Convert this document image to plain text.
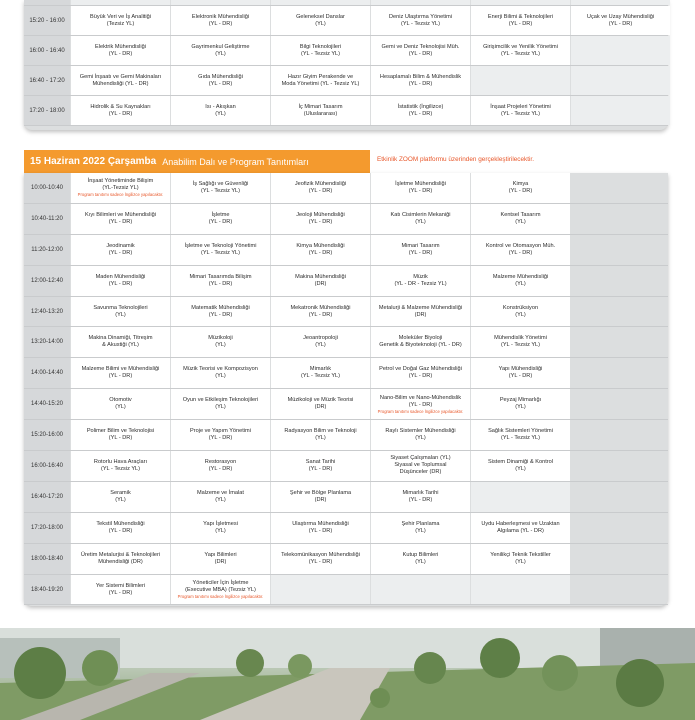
15:20 - 16:00
Büyük Veri ve İş Analitiği
(Tezsiz YL)
Elektronik Mühendisliği
(YL - DR)
Geleneksel Danslar
(YL)
Deniz Ulaştırma Yönetimi
(YL - Tezsiz YL)
Enerji Bilimi & Teknolojileri
(YL - DR)
Uçak ve Uzay Mühendisliği
(YL - DR)
16:00 - 16:40
Elektrik Mühendisliği
(YL - DR)
Gayrimenkul Geliştirme
(YL)
Bilgi Teknolojileri
(YL - Tezsiz YL)
Gemi ve Deniz Teknolojisi Müh.
(YL - DR)
Girişimcilik ve Yenilik Yönetimi
(YL - Tezsiz YL)
16:40 - 17:20
Gemi İnşaatı ve Gemi Makinaları
Mühendisliği (YL - DR)
Gıda Mühendisliği
(YL - DR)
Hazır Giyim Perakende ve
Moda Yönetimi (YL - Tezsiz YL)
Hesaplamalı Bilim & Mühendislik
(YL - DR)
17:20 - 18:00
Hidrolik & Su Kaynakları
(YL - DR)
Isı - Akışkan
(YL)
İç Mimari Tasarım
(Uluslararası)
İstatistik (İngilizce)
(YL - DR)
İnşaat Projeleri Yönetimi
(YL - Tezsiz YL)
15 Haziran 2022 Çarşamba Anabilim Dalı ve Program Tanıtımları	Etkinlik ZOOM platformu üzerinden gerçekleştirilecektir.
10:00-10:40
İnşaat Yönetiminde Bilişim
(YL-Tezsiz YL)
Program tanıtımı sadece İngilizce yapılacaktır.
İş Sağlığı ve Güvenliği
(YL - Tezsiz YL)
Jeofizik Mühendisliği
(YL - DR)
İşletme Mühendisliği
(YL - DR)
Kimya
(YL - DR)
10:40-11:20
Kıyı Bilimleri ve Mühendisliği
(YL - DR)
İşletme
(YL - DR)
Jeoloji Mühendisliği
(YL - DR)
Katı Cisimlerin Mekaniği
(YL)
Kentsel Tasarım
(YL)
11:20-12:00
Jeodinamik
(YL - DR)
İşletme ve Teknoloji Yönetimi
(YL - Tezsiz YL)
Kimya Mühendisliği
(YL - DR)
Mimari Tasarım
(YL - DR)
Kontrol ve Otomasyon Müh.
(YL - DR)
12:00-12:40
Maden Mühendisliği
(YL - DR)
Mimari Tasarımda Bilişim
(YL - DR)
Makina Mühendisliği
(DR)
Müzik
(YL - DR - Tezsiz YL)
Malzeme Mühendisliği
(YL)
12:40-13:20
Savunma Teknolojileri
(YL)
Matematik Mühendisliği
(YL - DR)
Mekatronik Mühendisliği
(YL - DR)
Metalurji & Malzeme Mühendisliği
(DR)
Konstrüksiyon
(YL)
13:20-14:00
Makina Dinamiği, Titreşim
& Akustiği (YL)
Müzikoloji
(YL)
Jeoantropoloji
(YL)
Moleküler Biyoloji
Genetik & Biyoteknoloji (YL - DR)
Mühendislik Yönetimi
(YL - Tezsiz YL)
14:00-14:40
Malzeme Bilimi ve Mühendisliği
(YL - DR)
Müzik Teorisi ve Kompozisyon
(YL)
Mimarlık
(YL - Tezsiz YL)
Petrol ve Doğal Gaz Mühendisliği
(YL - DR)
Yapı Mühendisliği
(YL - DR)
14:40-15:20
Otomotiv
(YL)
Oyun ve Etkileşim Teknolojileri
(YL)
Müzikoloji ve Müzik Teorisi
(DR)
Nano-Bilim ve Nano-Mühendislik
(YL - DR)
Program tanıtımı sadece İngilizce yapılacaktır.
Peyzaj Mimarlığı
(YL)
15:20-16:00
Polimer Bilim ve Teknolojisi
(YL - DR)
Proje ve Yapım Yönetimi
(YL - DR)
Radyasyon Bilim ve Teknoloji
(YL)
Raylı Sistemler Mühendisliği
(YL)
Sağlık Sistemleri Yönetimi
(YL - Tezsiz YL)
16:00-16:40
Rotorlu Hava Araçları
(YL - Tezsiz YL)
Restorasyon
(YL - DR)
Sanat Tarihi
(YL - DR)
Siyaset Çalışmaları (YL)
Siyasal ve Toplumsal
Düşünceler (DR)
Sistem Dinamiği & Kontrol
(YL)
16:40-17:20
Seramik
(YL)
Malzeme ve İmalat
(YL)
Şehir ve Bölge Planlama
(DR)
Mimarlık Tarihi
(YL - DR)
17:20-18:00
Tekstil Mühendisliği
(YL - DR)
Yapı İşletmesi
(YL)
Ulaştırma Mühendisliği
(YL - DR)
Şehir Planlama
(YL)
Uydu Haberleşmesi ve Uzaktan
Algılama (YL - DR)
18:00-18:40
Üretim Metalurjisi & Teknolojileri
Mühendisliği (DR)
Yapı Bilimleri
(DR)
Telekomünikasyon Mühendisliği
(YL - DR)
Kutup Bilimleri
(YL)
Yenilikçi Teknik Tekstiller
(YL)
18:40-19:20
Yer Sistemi Bilimleri
(YL - DR)
Yöneticiler İçin İşletme
(Executive MBA) (Tezsiz YL)
Program tanıtımı sadece İngilizce yapılacaktır.
